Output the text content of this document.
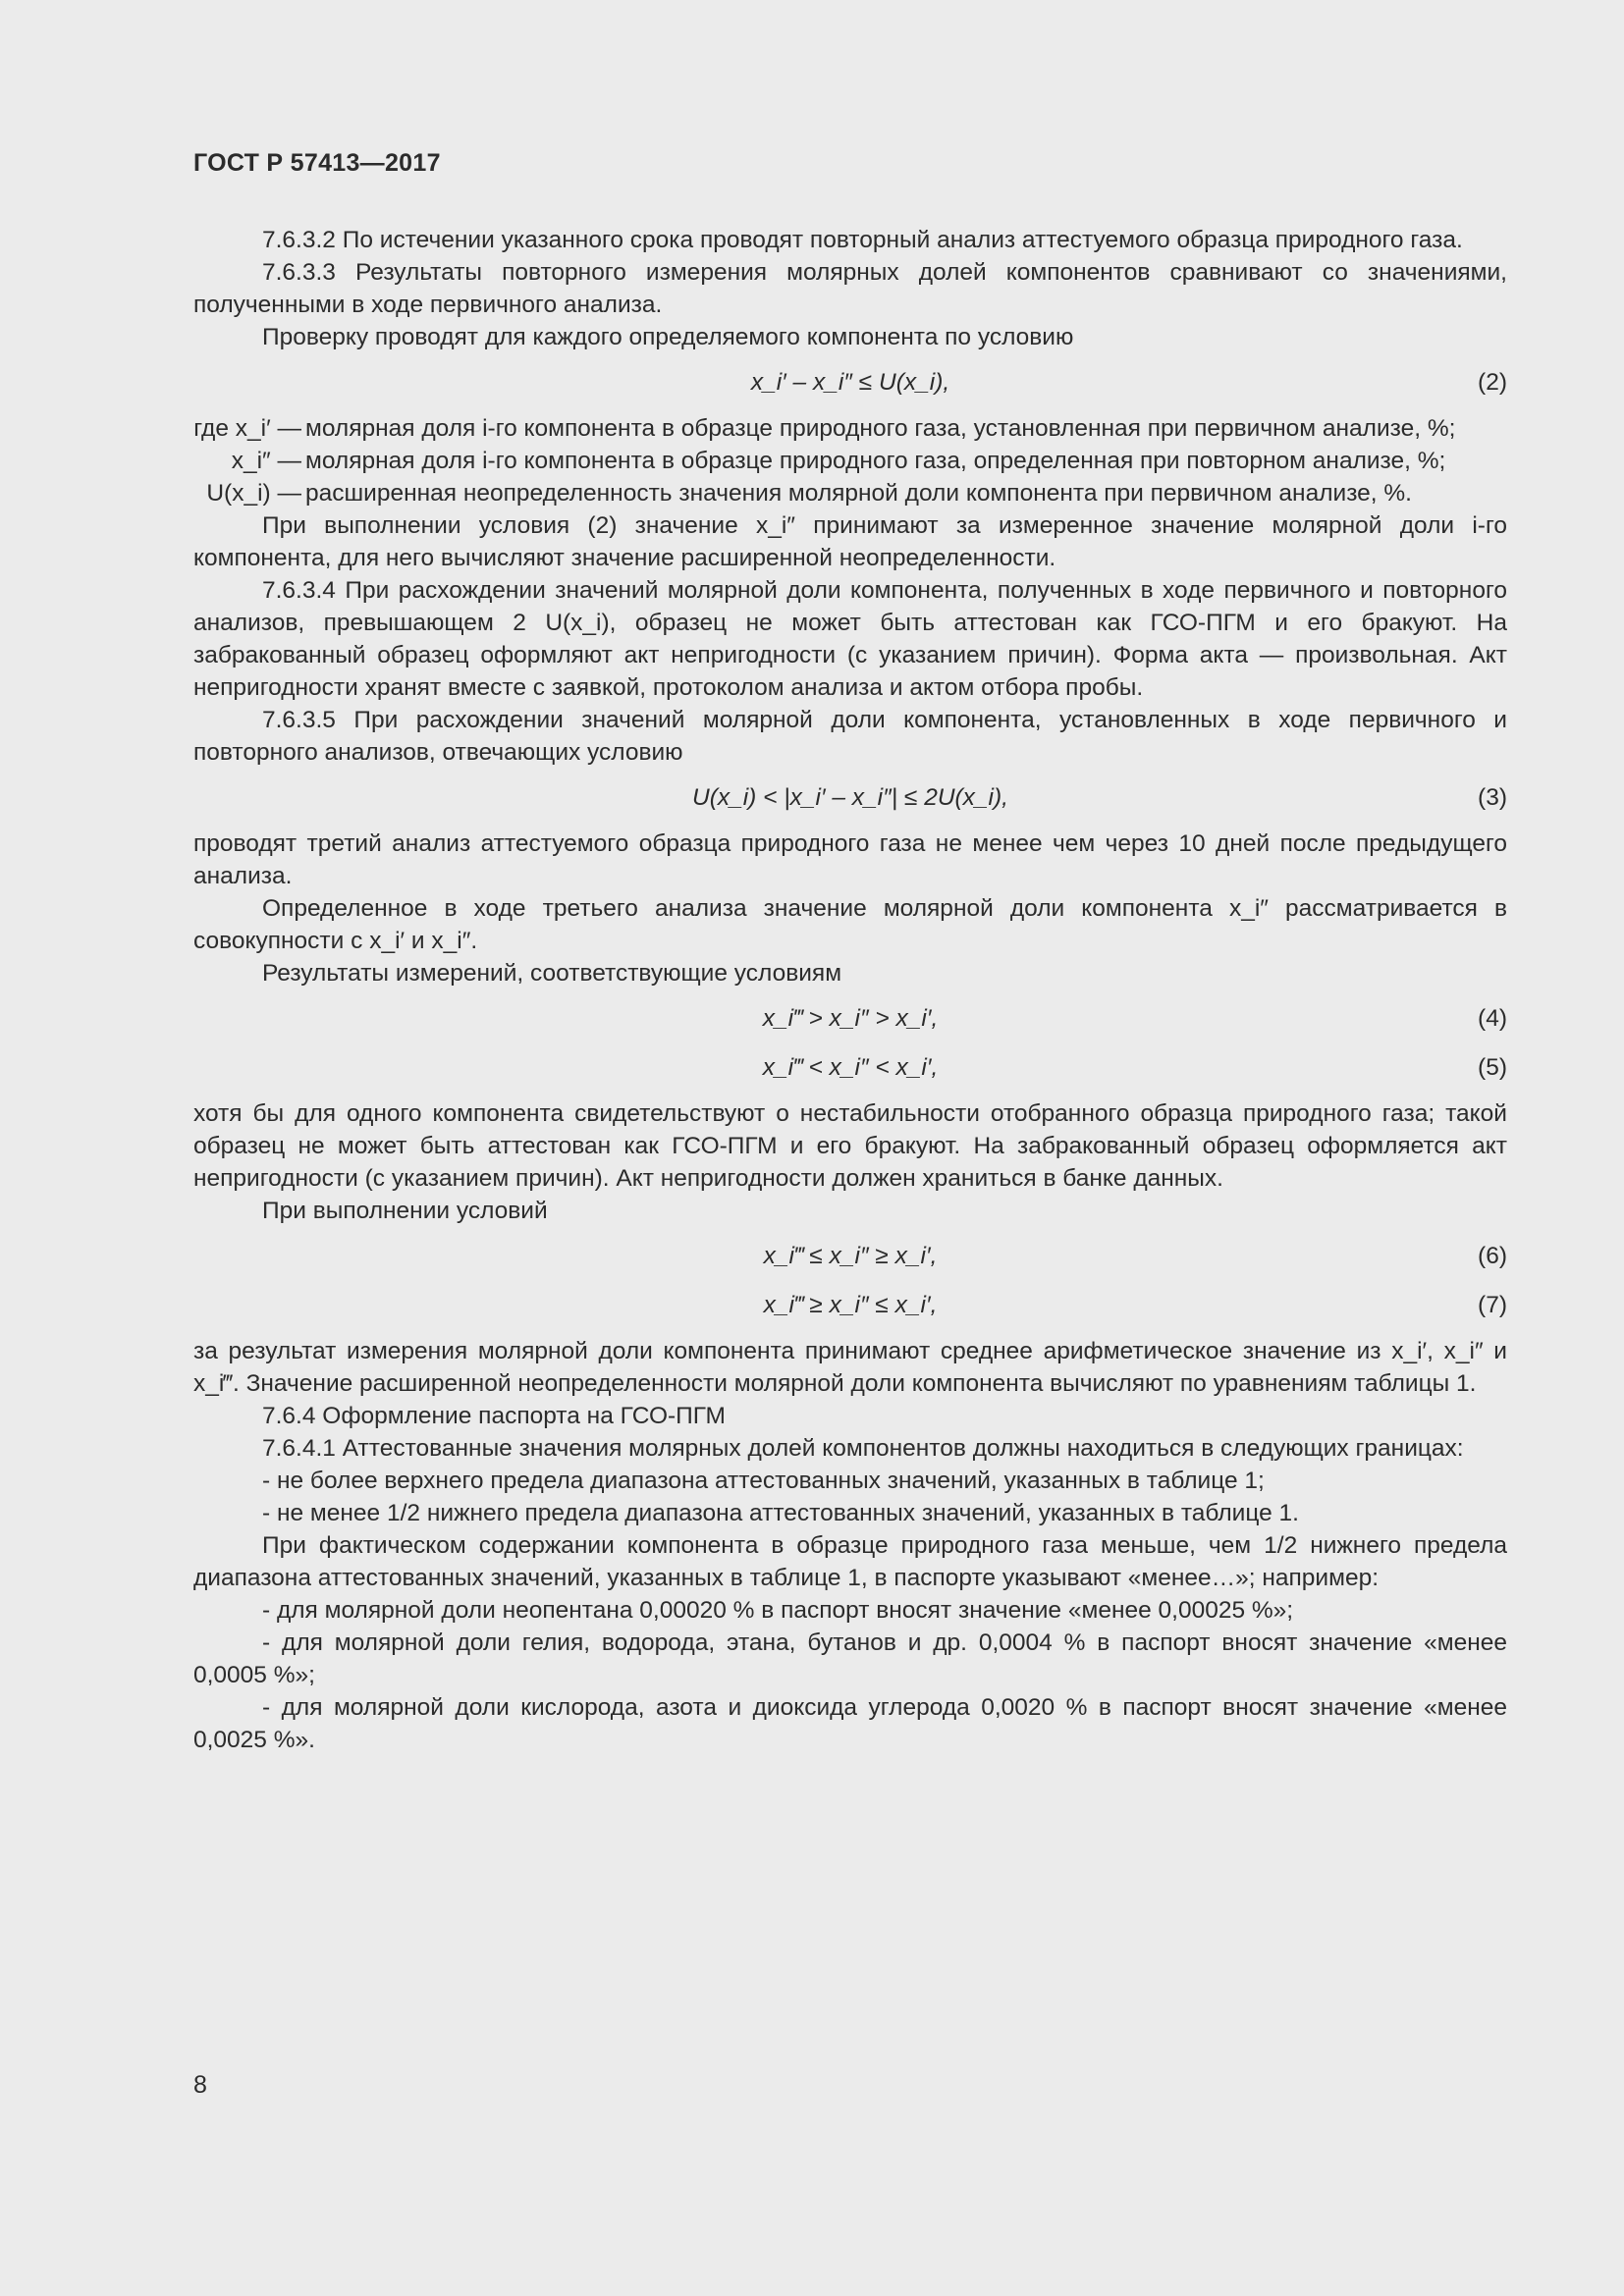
ГОСТ Р 57413—2017

7.6.3.2 По истечении указанного срока проводят повторный анализ аттестуемого образца природного газа.

7.6.3.3 Результаты повторного измерения молярных долей компонентов сравнивают со значениями, полученными в ходе первичного анализа.

Проверку проводят для каждого определяемого компонента по условию

x_i′ – x_i″ ≤ U(x_i),	(2)
где x_i′ — молярная доля i-го компонента в образце природного газа, установленная при первичном анализе, %;
x_i″ — молярная доля i-го компонента в образце природного газа, определенная при повторном анализе, %;
U(x_i) — расширенная неопределенность значения молярной доли компонента при первичном анализе, %.

При выполнении условия (2) значение x_i″ принимают за измеренное значение молярной доли i-го компонента, для него вычисляют значение расширенной неопределенности.

7.6.3.4 При расхождении значений молярной доли компонента, полученных в ходе первичного и повторного анализов, превышающем 2 U(x_i), образец не может быть аттестован как ГСО-ПГМ и его бракуют. На забракованный образец оформляют акт непригодности (с указанием причин). Форма акта — произвольная. Акт непригодности хранят вместе с заявкой, протоколом анализа и актом отбора пробы.

7.6.3.5 При расхождении значений молярной доли компонента, установленных в ходе первичного и повторного анализов, отвечающих условию

U(x_i) < |x_i′ – x_i″| ≤ 2U(x_i),	(3)

проводят третий анализ аттестуемого образца природного газа не менее чем через 10 дней после предыдущего анализа.

Определенное в ходе третьего анализа значение молярной доли компонента x_i″ рассматривается в совокупности с x_i′ и x_i″.

Результаты измерений, соответствующие условиям

x_i‴ > x_i″ > x_i′,	(4)
x_i‴ < x_i″ < x_i′,	(5)

хотя бы для одного компонента свидетельствуют о нестабильности отобранного образца природного газа; такой образец не может быть аттестован как ГСО-ПГМ и его бракуют. На забракованный образец оформляется акт непригодности (с указанием причин). Акт непригодности должен храниться в банке данных.

При выполнении условий

x_i‴ ≤ x_i″ ≥ x_i′,	(6)
x_i‴ ≥ x_i″ ≤ x_i′,	(7)

за результат измерения молярной доли компонента принимают среднее арифметическое значение из x_i′, x_i″ и x_i‴. Значение расширенной неопределенности молярной доли компонента вычисляют по уравнениям таблицы 1.

7.6.4 Оформление паспорта на ГСО-ПГМ

7.6.4.1 Аттестованные значения молярных долей компонентов должны находиться в следующих границах:

- не более верхнего предела диапазона аттестованных значений, указанных в таблице 1;

- не менее 1/2 нижнего предела диапазона аттестованных значений, указанных в таблице 1.

При фактическом содержании компонента в образце природного газа меньше, чем 1/2 нижнего предела диапазона аттестованных значений, указанных в таблице 1, в паспорте указывают «менее…»; например:

- для молярной доли неопентана 0,00020 % в паспорт вносят значение «менее 0,00025 %»;

- для молярной доли гелия, водорода, этана, бутанов и др. 0,0004 % в паспорт вносят значение «менее 0,0005 %»;

- для молярной доли кислорода, азота и диоксида углерода 0,0020 % в паспорт вносят значение «менее 0,0025 %».

8
